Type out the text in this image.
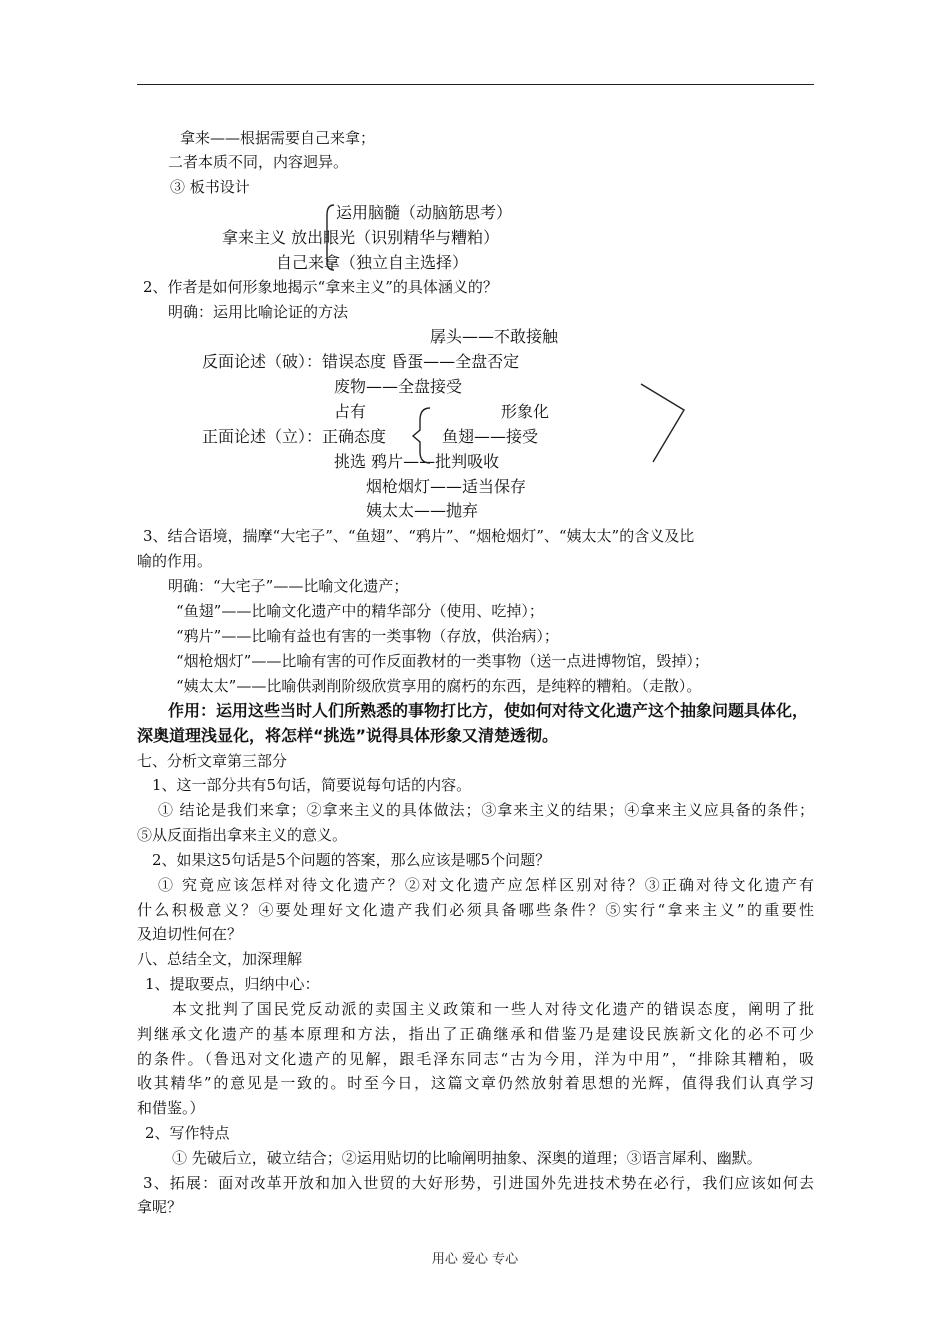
拿来——根据需要自己来拿；
二者本质不同，内容迥异。
③ 板书设计
运用脑髓（动脑筋思考）
拿来主义 放出眼光（识别精华与糟粕）
自己来拿（独立自主选择）
2、作者是如何形象地揭示“拿来主义”的具体涵义的？
明确：运用比喻论证的方法
孱头——不敢接触
反面论述（破）：错误态度 昏蛋——全盘否定
废物——全盘接受
占有	形象化
正面论述（立）：正确态度	鱼翅——接受
挑选 鸦片——批判吸收
烟枪烟灯——适当保存
姨太太——抛弃
3、结合语境，揣摩“大宅子”、“鱼翅”、“鸦片”、“烟枪烟灯”、“姨太太”的含义及比
喻的作用。
明确：“大宅子”——比喻文化遗产；
“鱼翅”——比喻文化遗产中的精华部分（使用、吃掉）；
“鸦片”——比喻有益也有害的一类事物（存放，供治病）；
“烟枪烟灯”——比喻有害的可作反面教材的一类事物（送一点进博物馆，毁掉）；
“姨太太”——比喻供剥削阶级欣赏享用的腐朽的东西，是纯粹的糟粕。（走散）。
作用：运用这些当时人们所熟悉的事物打比方，使如何对待文化遗产这个抽象问题具体化，
深奥道理浅显化，将怎样“挑选”说得具体形象又清楚透彻。
七、分析文章第三部分
1、这一部分共有5句话，简要说每句话的内容。
① 结论是我们来拿；②拿来主义的具体做法；③拿来主义的结果；④拿来主义应具备的条件；
⑤从反面指出拿来主义的意义。
2、如果这5句话是5个问题的答案，那么应该是哪5个问题？
① 究竟应该怎样对待文化遗产？②对文化遗产应怎样区别对待？③正确对待文化遗产有
什么积极意义？④要处理好文化遗产我们必须具备哪些条件？⑤实行“拿来主义”的重要性
及迫切性何在？
八、总结全文，加深理解
1、提取要点，归纳中心：
本文批判了国民党反动派的卖国主义政策和一些人对待文化遗产的错误态度，阐明了批
判继承文化遗产的基本原理和方法，指出了正确继承和借鉴乃是建设民族新文化的必不可少
的条件。（鲁迅对文化遗产的见解，跟毛泽东同志“古为今用，洋为中用”，“排除其糟粕，吸
收其精华”的意见是一致的。时至今日，这篇文章仍然放射着思想的光辉，值得我们认真学习
和借鉴。）
2、写作特点
① 先破后立，破立结合；②运用贴切的比喻阐明抽象、深奥的道理；③语言犀利、幽默。
3、拓展：面对改革开放和加入世贸的大好形势，引进国外先进技术势在必行，我们应该如何去
拿呢？
用心 爱心 专心
